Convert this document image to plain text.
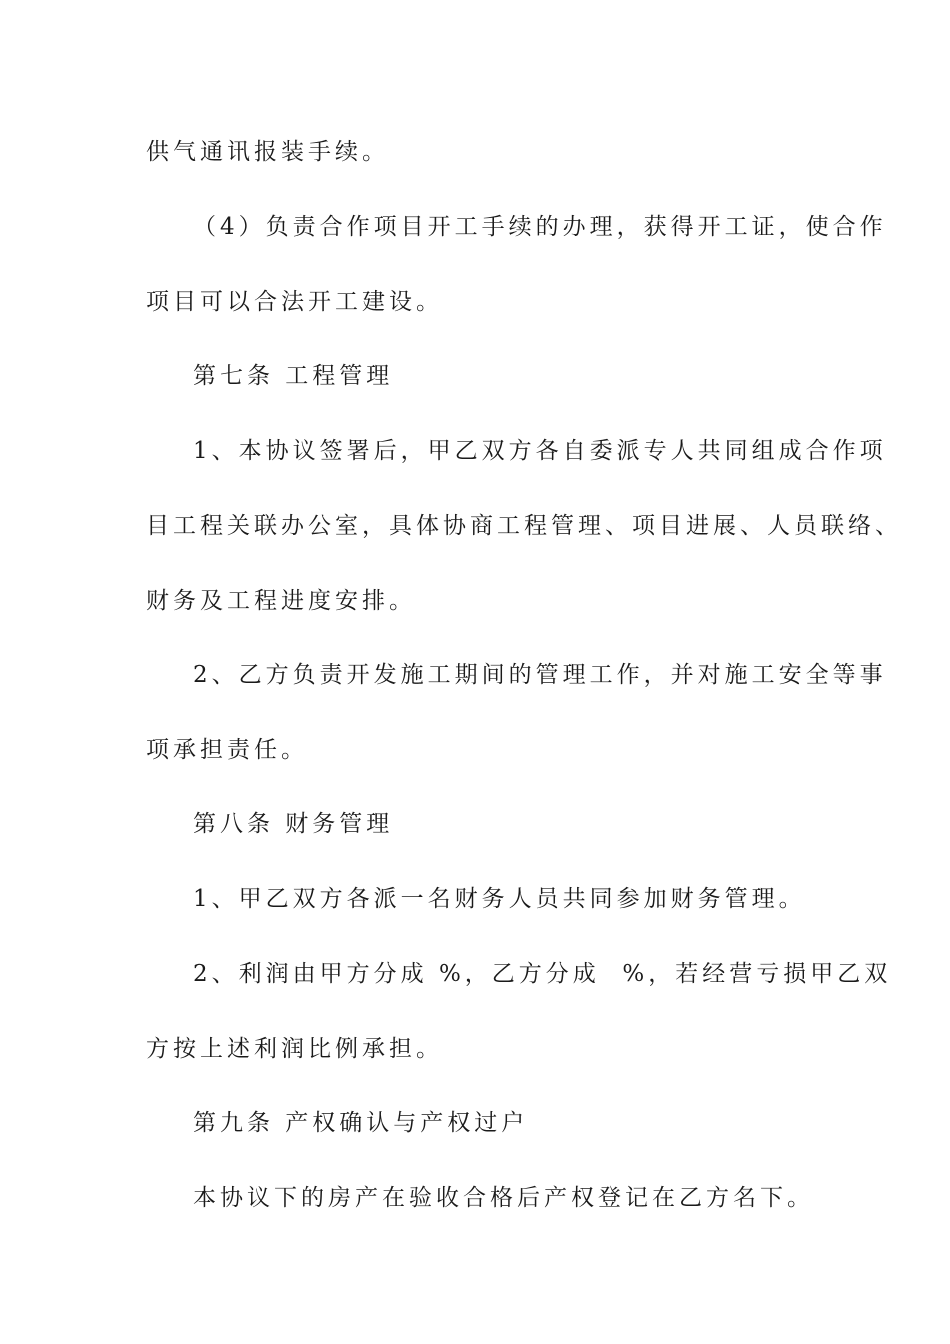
供气通讯报装手续。
（4）负责合作项目开工手续的办理，获得开工证，使合作
项目可以合法开工建设。
第七条 工程管理
1、本协议签署后，甲乙双方各自委派专人共同组成合作项
目工程关联办公室，具体协商工程管理、项目进展、人员联络、
财务及工程进度安排。
2、乙方负责开发施工期间的管理工作，并对施工安全等事
项承担责任。
第八条 财务管理
1、甲乙双方各派一名财务人员共同参加财务管理。
2、利润由甲方分成 %，乙方分成  %，若经营亏损甲乙双
方按上述利润比例承担。
第九条 产权确认与产权过户
本协议下的房产在验收合格后产权登记在乙方名下。
